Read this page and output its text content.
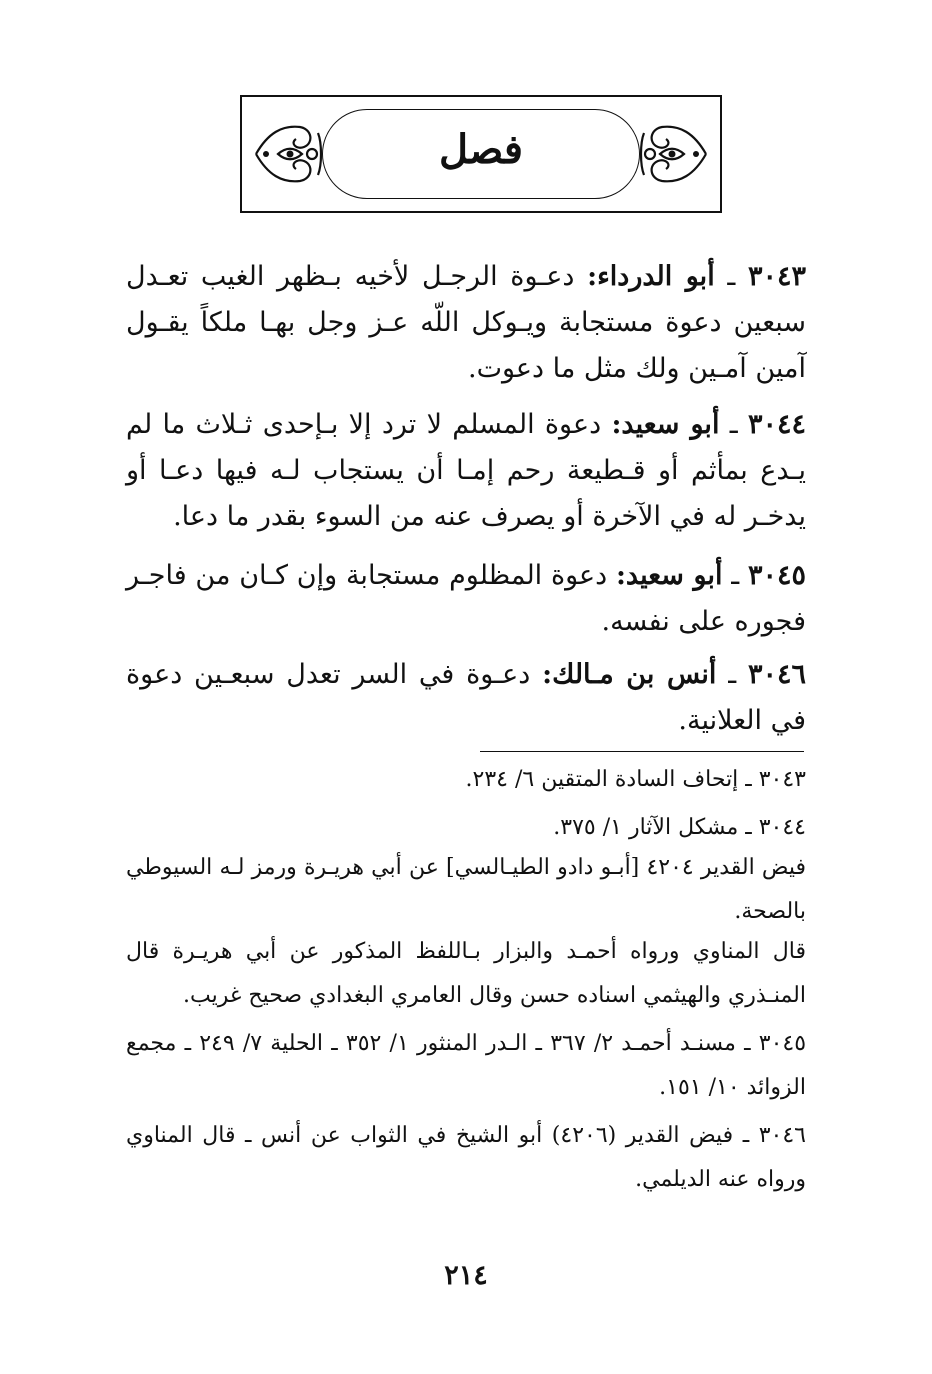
فصل
٣٠٤٣ ـ أبو الدرداء: دعـوة الرجـل لأخيه بـظهر الغيب تعـدل سبعين دعوة مستجابة ويـوكل اللّه عـز وجل بهـا ملكاً يقـول آمين آمـين ولك مثل ما دعوت.
٣٠٤٤ ـ أبو سعيد: دعوة المسلم لا ترد إلا بـإحدى ثـلاث ما لم يـدع بمأثم أو قـطيعة رحم إمـا أن يستجاب لـه فيها دعـا أو يدخـر له في الآخرة أو يصرف عنه من السوء بقدر ما دعا.
٣٠٤٥ ـ أبو سعيد: دعوة المظلوم مستجابة وإن كـان من فاجـر فجوره على نفسه.
٣٠٤٦ ـ أنس بن مـالك: دعـوة في السر تعدل سبعـين دعوة في العلانية.
٣٠٤٣ ـ إتحاف السادة المتقين ٦/ ٢٣٤.
٣٠٤٤ ـ مشكل الآثار ١/ ٣٧٥.
فيض القدير ٤٢٠٤ [أبـو دادو الطيـالسي] عن أبي هريـرة ورمز لـه السيوطي بالصحة.
قال المناوي ورواه أحمـد والبزار بـاللفظ المذكور عن أبي هريـرة قال المنـذري والهيثمي اسناده حسن وقال العامري البغدادي صحيح غريب.
٣٠٤٥ ـ مسنـد أحمـد ٢/ ٣٦٧ ـ الـدر المنثور ١/ ٣٥٢ ـ الحلية ٧/ ٢٤٩ ـ مجمع الزوائد ١٠/ ١٥١.
٣٠٤٦ ـ فيض القدير (٤٢٠٦) أبو الشيخ في الثواب عن أنس ـ قال المناوي ورواه عنه الديلمي.
٢١٤
